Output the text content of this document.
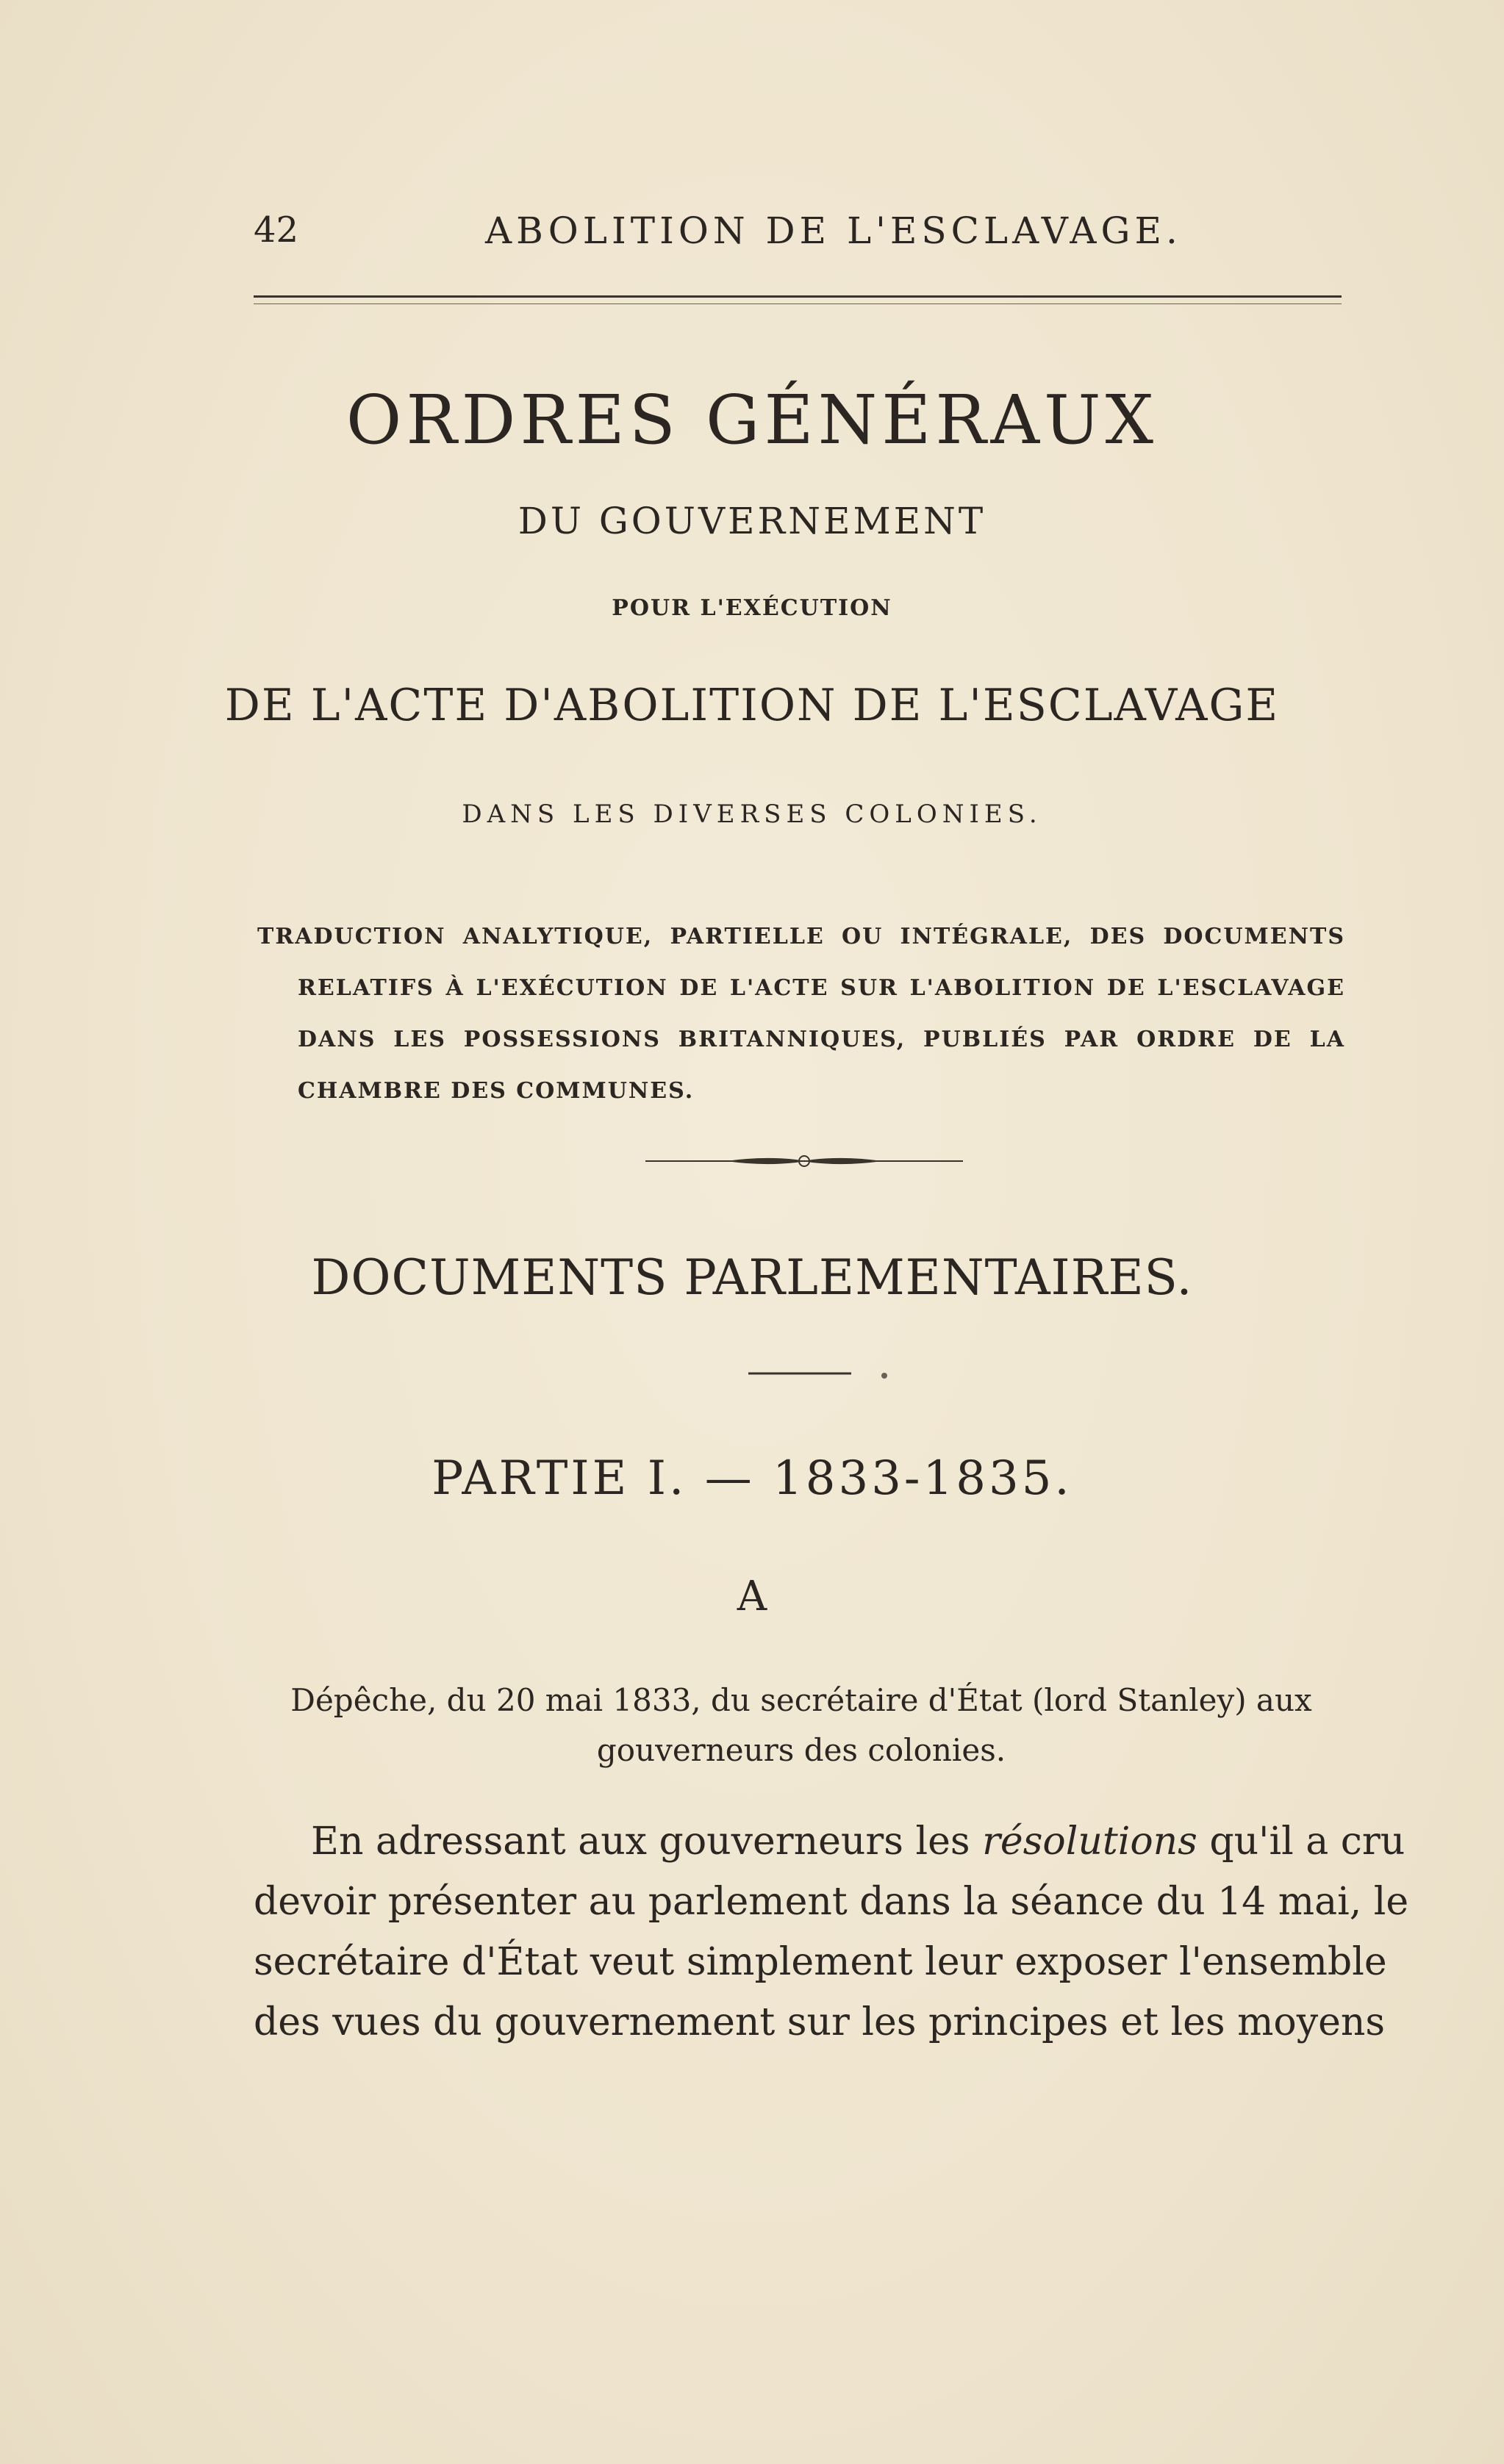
42	ABOLITION DE L'ESCLAVAGE.
ORDRES GÉNÉRAUX
DU GOUVERNEMENT
POUR L'EXÉCUTION
DE L'ACTE D'ABOLITION DE L'ESCLAVAGE
DANS LES DIVERSES COLONIES.
TRADUCTION ANALYTIQUE, PARTIELLE OU INTÉGRALE, DES DOCUMENTS
RELATIFS À L'EXÉCUTION DE L'ACTE SUR L'ABOLITION DE L'ESCLAVAGE
DANS LES POSSESSIONS BRITANNIQUES, PUBLIÉS PAR ORDRE DE LA
CHAMBRE DES COMMUNES.
DOCUMENTS PARLEMENTAIRES.
PARTIE I. — 1833-1835.
A
Dépêche, du 20 mai 1833, du secrétaire d'État (lord Stanley) aux
gouverneurs des colonies.
En adressant aux gouverneurs les résolutions qu'il a cru
devoir présenter au parlement dans la séance du 14 mai, le
secrétaire d'État veut simplement leur exposer l'ensemble
des vues du gouvernement sur les principes et les moyens
